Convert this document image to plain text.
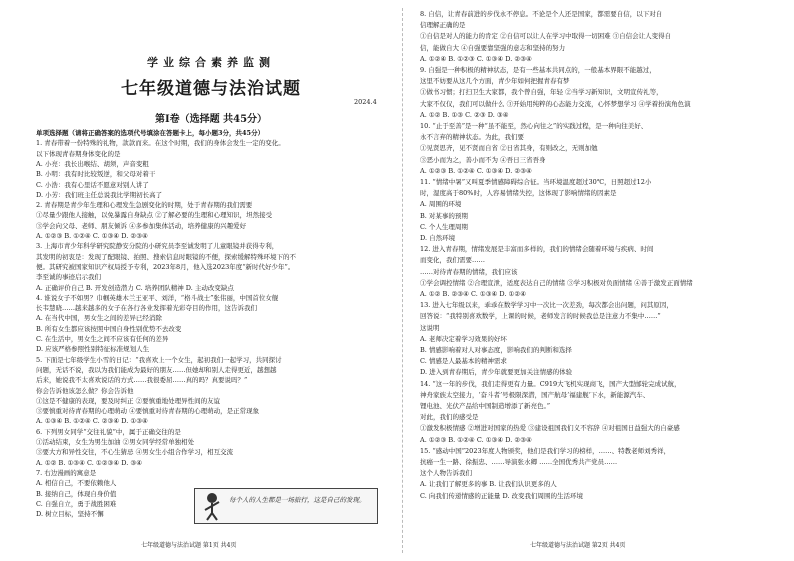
学业综合素养监测
七年级道德与法治试题
2024.4
第Ⅰ卷（选择题 共45分）
单项选择题（请将正确答案的选项代号填涂在答题卡上，每小题3分，共45分）
1. 青春带着一份特殊的礼物，款款而来。在这个时期，我们的身体会发生一定的变化。
以下体现青春期身体变化的是
A. 小亮：我长出喉结、胡须，声音变粗
B. 小明：我有时比较叛逆，和父母对着干
C. 小浩：我有心里话不愿意对别人讲了
D. 小芳：我们班主任总说我比学期初长高了
2. 青春期是青少年生理和心理发生急剧变化的时期，处于青春期的我们需要
①尽量少跟他人接触，以免暴露自身缺点 ②了解必要的生理和心理知识，坦然接受
③学会向父母、老师、朋友倾诉 ④多参加集体活动，培养健康的兴趣爱好
A. ①②③ B. ①②④ C. ①③④ D. ②③④
3. 上海市青少年科学研究院静安分院的小研究员李至诚发明了儿童眼镜并获得专利，
其发明的初衷是：发现了配眼镜、拍照、搜索信息时眼镜的不便，探索缓解特殊环境下的不
便。其研究被国家知识产权局授予专利，2023年8月，他入选2023年度“新时代好少年”。
李至诚的事迹启示我们
A. 正确评价自己 B. 开发创造潜力 C. 培养团队精神 D. 主动改变缺点
4. 谁说女子不如男？巾帼英雄木兰王亚平、刘洋，“格斗战士”张伟丽，中国首位女舰
长韦慧晓……越来越多的女子在各行各业发挥着光彩夺目的作用，这告诉我们
A. 在当代中国，男女生之间的差异已经消除
B. 所有女生都应该按照中国自身性别优势不去改变
C. 在生活中，男女生之间不应该有任何的差异
D. 应该严格参照性别特征标准规划人生
5. 下面是七年级学生小雪的日记：“我喜欢上一个女生，起初我们一起学习，共同探讨
问题，无话不说，我以为我们能成为最好的朋友……但她却和别人走得更近，越想越
后来，她说我不太喜欢说话的方式……我很委屈……真的吗？真要说吗？”
你会告诉他该怎么做？你会告诉他
①这是不健康的表现，要及时纠正 ②要慎重地处理异性间的友谊
③要慎重对待青春期的心理萌动 ④要慎重对待青春期的心理萌动，是正常现象
A. ①③④ B. ①②④ C. ②③④ D. ①③④
6. 下列男女同学“交往礼貌”中，属于正确交往的是
①活动结束，女生为男生加油 ②男女同学经常单独相处
③要大方和异性交往，不心生猜忌 ④男女生小组合作学习，相互交流
A. ①② B. ①③④ C. ①②③④ D. ③④
7. 右边漫画的寓意是
A. 相信自己，不要依赖他人
B. 接纳自己，体现自身价值
C. 自强自立，勇于战胜困难
D. 树立目标，坚持不懈
每个人的人生都是一场旅行，这是自己的发现。
七年级道德与法治试题 第1页 共4页
8. 自信，让青春前进的步伐永不停息。不论是个人还是国家，都需要自信，以下对自
信理解正确的是
①自信是对人的能力的肯定 ②自信可以让人在学习中取得一切困难 ③自信会让人变得自
信，能做自大 ④自强要靠坚强的意志和坚持的努力
A. ①②④ B. ①②③ C. ①③④ D. ②③④
9. 自强是一种积极的精神状态，是有一些基本共同点的，一般基本界限不能越过，
这里不妨要从这几个方面，青少年如何把握青春有梦
①做书习惯；打扫卫生大家都，我个曾自强，年轻 ②当学习新知识，文明宣传礼等，
大家不仅仅，我们可以做什么 ③开始用纯粹的心态能力交流，心怀梦想学习 ④学着扮演角色演
A. ①② B. ①③ C. ②③ D. ③④
10. “止于至善”是一种“虽不能至，然心向往之”的实践过程，是一种向往美好、
永不言弃的精神状态。为此，我们要
①见贤思齐，见不贤而自省 ②日省其身，有则改之，无则加勉
③恶小而为之，善小而不为 ④吾日三省吾身
A. ①②③ B. ①②④ C. ①③④ D. ②③④
11. “情绪中暑”又叫夏季情感障碍综合征。当环境温度超过30℃，日照超过12小
时，湿度高于80%时，人容易情绪失控，这体现了影响情绪的因素是
A. 周围的环境
B. 对某事的预期
C. 个人生理周期
D. 自然环境
12. 进入青春期，情绪发展是丰富而多样的，我们的情绪会随着环境与疾病、时间
而变化，我们需要……
……对待青春期的情绪，我们应该
①学会调控情绪 ②合理宣泄，适度表达自己的情绪 ③学习积极对负面情绪 ④善于激发正面情绪
A. ①② B. ②③④ C. ①③④ D. ①②④
13. 进入七年级以来，乖乖在数学学习中一次比一次差劲，每次都会出问题，问其原因，
回答说：“我特别喜欢数学，上课的时候，老师发言的时候我总是注意力不集中……”
这说明
A. 老师决定着学习效果的好坏
B. 情感影响着对人对事态度，影响我们的判断和选择
C. 情感是人最基本的精神需求
D. 进入到青春期后，青少年就要更加关注情感的体验
14. “这一年的步伐，我们走得更有力量。C919大飞机实现商飞，国产大型邮轮完成试航，
神舟家族太空接力，‘奋斗者’号极限深潜，国产航母‘福建舰’下水，新能源汽车、
锂电池、光伏产品给中国制造增添了新亮色。”
对此，我们的感受是
①激发积极情感 ②增进对国家的热爱 ③建设祖国我们义不容辞 ④对祖国日益强大的自豪感
A. ①②③ B. ①②④ C. ①③④ D. ②③④
15. “感动中国”2023年度人物颁奖，他们是我们学习的榜样，……、特教老师刘秀祥，
抗癌一生一路、徐振忠、……导演张水卿 ……全国优秀共产党员……
这个人物告诉我们
A. 让我们了解更多的事 B. 让我们认识更多的人
C. 向我们传递情感的正能量 D. 改变我们周围的生活环境
七年级道德与法治试题 第2页 共4页
